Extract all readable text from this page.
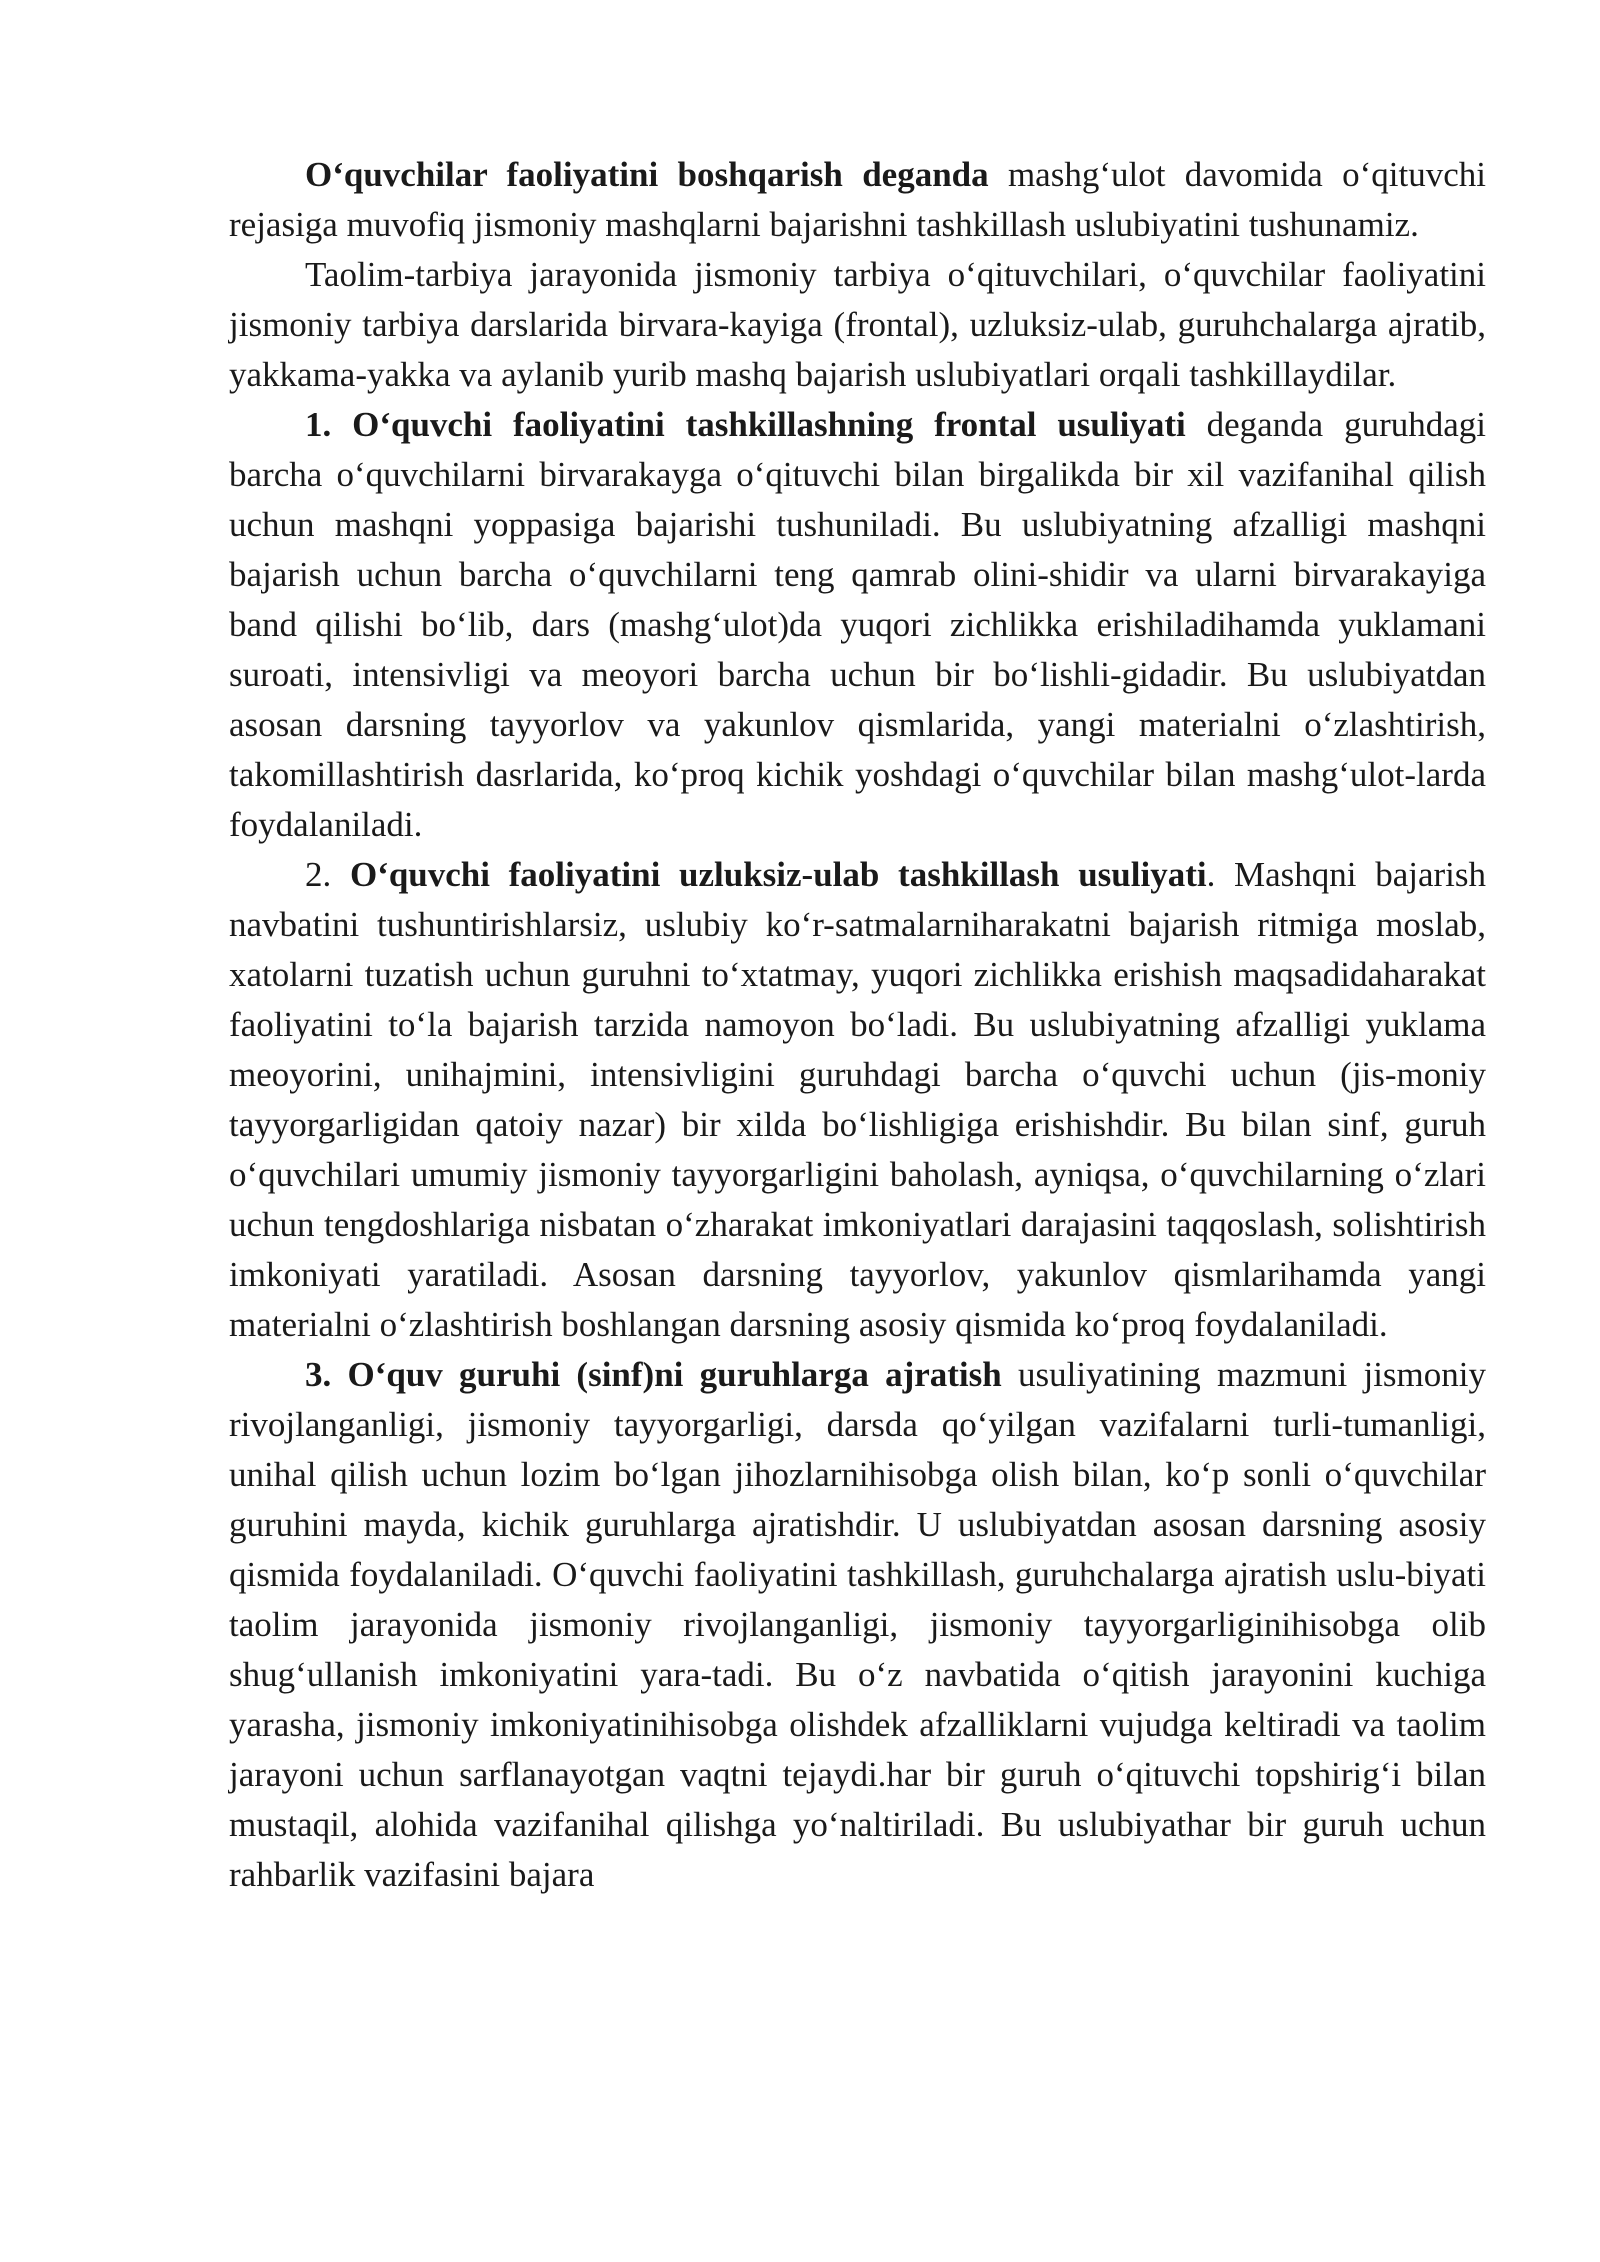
O‘quvchilar faoliyatini boshqarish deganda mashg‘ulot davomida o‘qituvchi rejasiga muvofiq jismoniy mashqlarni bajarishni tashkillash uslubiyatini tushunamiz.

Taolim-tarbiya jarayonida jismoniy tarbiya o‘qituvchilari, o‘quvchilar faoliyatini jismoniy tarbiya darslarida birvara-kayiga (frontal), uzluksiz-ulab, guruhchalarga ajratib, yakkama-yakka va aylanib yurib mashq bajarish uslubiyatlari orqali tashkillaydilar.

1. O‘quvchi faoliyatini tashkillashning frontal usuliyati deganda guruhdagi barcha o‘quvchilarni birvarakayga o‘qituvchi bilan birgalikda bir xil vazifanihal qilish uchun mashqni yoppasiga bajarishi tushuniladi. Bu uslubiyatning afzalligi mashqni bajarish uchun barcha o‘quvchilarni teng qamrab olini-shidir va ularni birvarakayiga band qilishi bo‘lib, dars (mashg‘ulot)da yuqori zichlikka erishiladihamda yuklamani suroati, intensivligi va meoyori barcha uchun bir bo‘lishli-gidadir. Bu uslubiyatdan asosan darsning tayyorlov va yakunlov qismlarida, yangi materialni o‘zlashtirish, takomillashtirish dasrlarida, ko‘proq kichik yoshdagi o‘quvchilar bilan mashg‘ulot-larda foydalaniladi.

2. O‘quvchi faoliyatini uzluksiz-ulab tashkillash usuliyati. Mashqni bajarish navbatini tushuntirishlarsiz, uslubiy ko‘r-satmalarniharakatni bajarish ritmiga moslab, xatolarni tuzatish uchun guruhni to‘xtatmay, yuqori zichlikka erishish maqsadidaharakat faoliyatini to‘la bajarish tarzida namoyon bo‘ladi. Bu uslubiyatning afzalligi yuklama meoyorini, unihajmini, intensivligini guruhdagi barcha o‘quvchi uchun (jis-moniy tayyorgarligidan qatoiy nazar) bir xilda bo‘lishligiga erishishdir. Bu bilan sinf, guruh o‘quvchilari umumiy jismoniy tayyorgarligini baholash, ayniqsa, o‘quvchilarning o‘zlari uchun tengdoshlariga nisbatan o‘zharakat imkoniyatlari darajasini taqqoslash, solishtirish imkoniyati yaratiladi. Asosan darsning tayyorlov, yakunlov qismlarihamda yangi materialni o‘zlashtirish boshlangan darsning asosiy qismida ko‘proq foydalaniladi.

3. O‘quv guruhi (sinf)ni guruhlarga ajratish usuliyatining mazmuni jismoniy rivojlanganligi, jismoniy tayyorgarligi, darsda qo‘yilgan vazifalarni turli-tumanligi, unihal qilish uchun lozim bo‘lgan jihozlarnihisobga olish bilan, ko‘p sonli o‘quvchilar guruhini mayda, kichik guruhlarga ajratishdir. U uslubiyatdan asosan darsning asosiy qismida foydalaniladi. O‘quvchi faoliyatini tashkillash, guruhchalarga ajratish uslu-biyati taolim jarayonida jismoniy rivojlanganligi, jismoniy tayyorgarliginihisobga olib shug‘ullanish imkoniyatini yara-tadi. Bu o‘z navbatida o‘qitish jarayonini kuchiga yarasha, jismoniy imkoniyatinihisobga olishdek afzalliklarni vujudga keltiradi va taolim jarayoni uchun sarflanayotgan vaqtni tejaydi.har bir guruh o‘qituvchi topshirig‘i bilan mustaqil, alohida vazifanihal qilishga yo‘naltiriladi. Bu uslubiyathar bir guruh uchun rahbarlik vazifasini bajara
